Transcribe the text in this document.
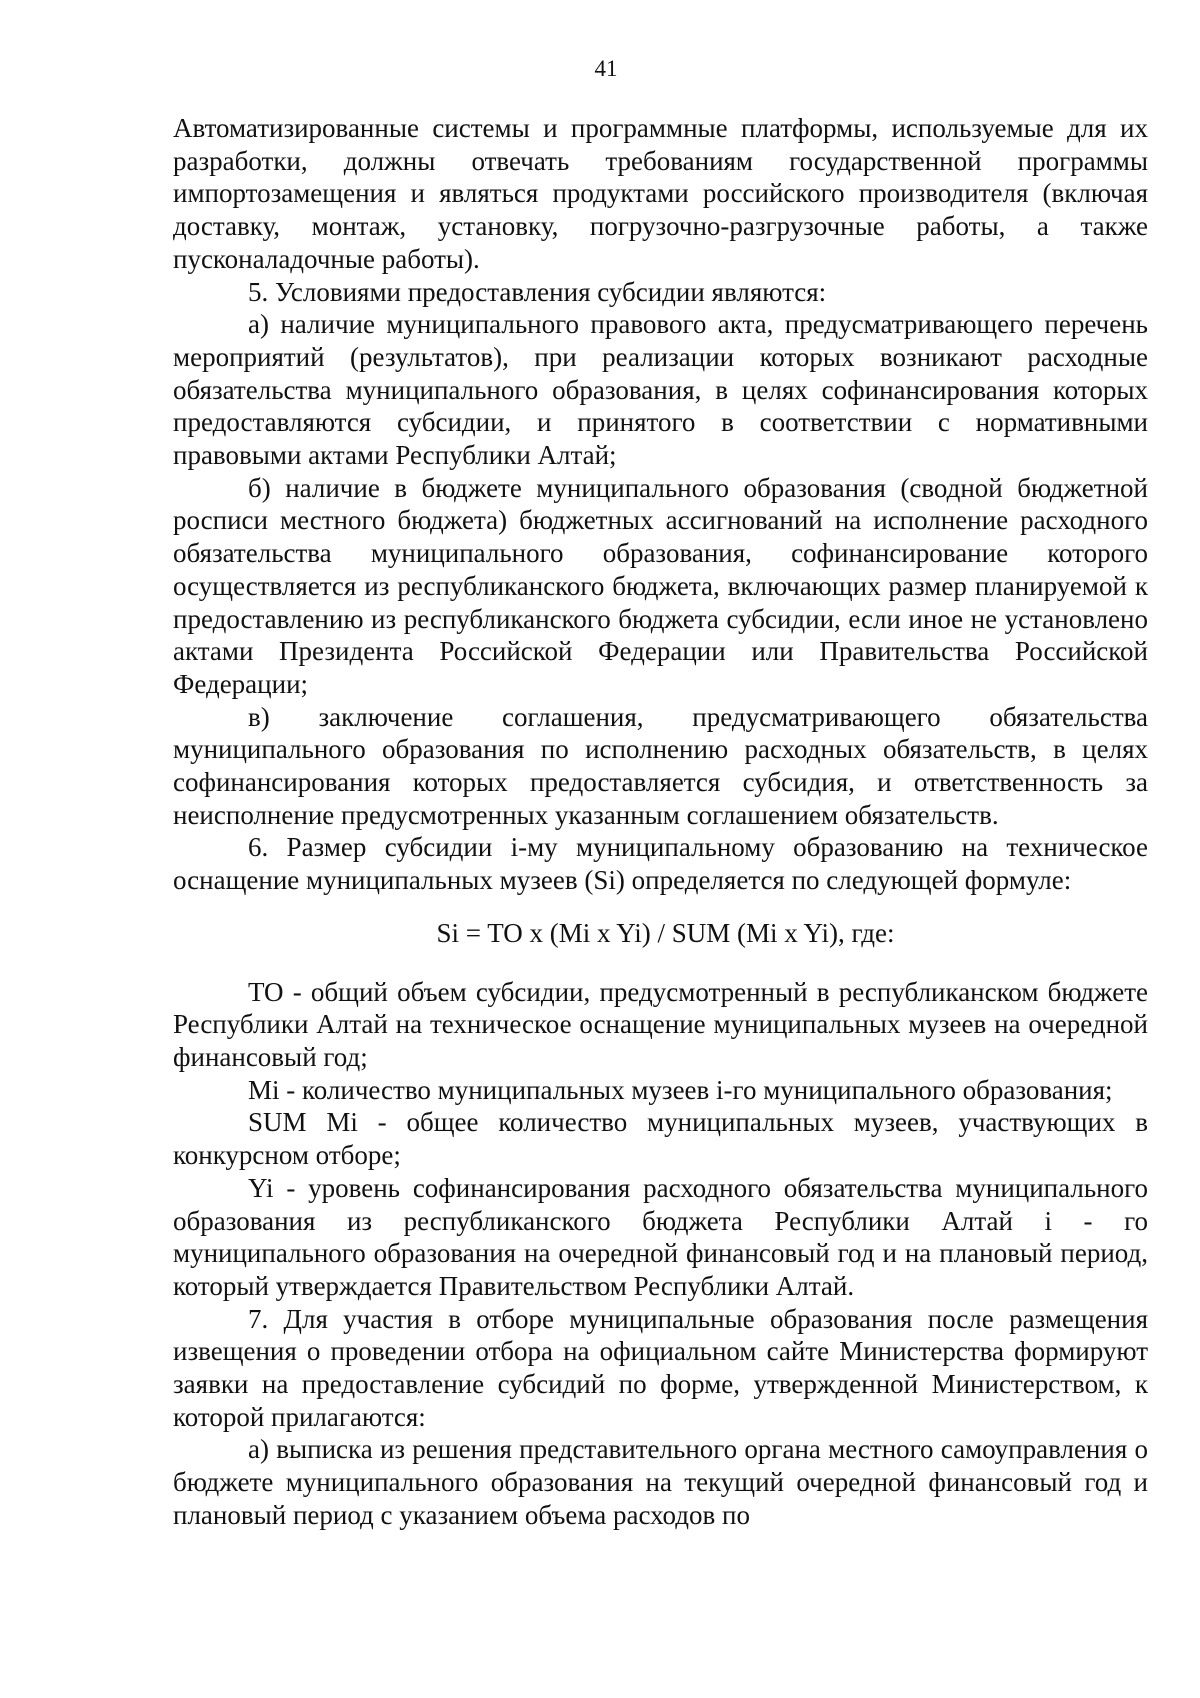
41

Автоматизированные системы и программные платформы, используемые для их разработки, должны отвечать требованиям государственной программы импортозамещения и являться продуктами российского производителя (включая доставку, монтаж, установку, погрузочно-разгрузочные работы, а также пусконаладочные работы).

5. Условиями предоставления субсидии являются:

а) наличие муниципального правового акта, предусматривающего перечень мероприятий (результатов), при реализации которых возникают расходные обязательства муниципального образования, в целях софинансирования которых предоставляются субсидии, и принятого в соответствии с нормативными правовыми актами Республики Алтай;

б) наличие в бюджете муниципального образования (сводной бюджетной росписи местного бюджета) бюджетных ассигнований на исполнение расходного обязательства муниципального образования, софинансирование которого осуществляется из республиканского бюджета, включающих размер планируемой к предоставлению из республиканского бюджета субсидии, если иное не установлено актами Президента Российской Федерации или Правительства Российской Федерации;

в) заключение соглашения, предусматривающего обязательства муниципального образования по исполнению расходных обязательств, в целях софинансирования которых предоставляется субсидия, и ответственность за неисполнение предусмотренных указанным соглашением обязательств.

6. Размер субсидии i-му муниципальному образованию на техническое оснащение муниципальных музеев (Si) определяется по следующей формуле:

Si = TO x (Mi x Yi) / SUM (Mi x Yi), где:

TO - общий объем субсидии, предусмотренный в республиканском бюджете Республики Алтай на техническое оснащение муниципальных музеев на очередной финансовый год;

Mi - количество муниципальных музеев i-го муниципального образования;

SUM Mi - общее количество муниципальных музеев, участвующих в конкурсном отборе;

Yi - уровень софинансирования расходного обязательства муниципального образования из республиканского бюджета Республики Алтай i - го муниципального образования на очередной финансовый год и на плановый период, который утверждается Правительством Республики Алтай.

7. Для участия в отборе муниципальные образования после размещения извещения о проведении отбора на официальном сайте Министерства формируют заявки на предоставление субсидий по форме, утвержденной Министерством, к которой прилагаются:

а) выписка из решения представительного органа местного самоуправления о бюджете муниципального образования на текущий очередной финансовый год и плановый период с указанием объема расходов по
